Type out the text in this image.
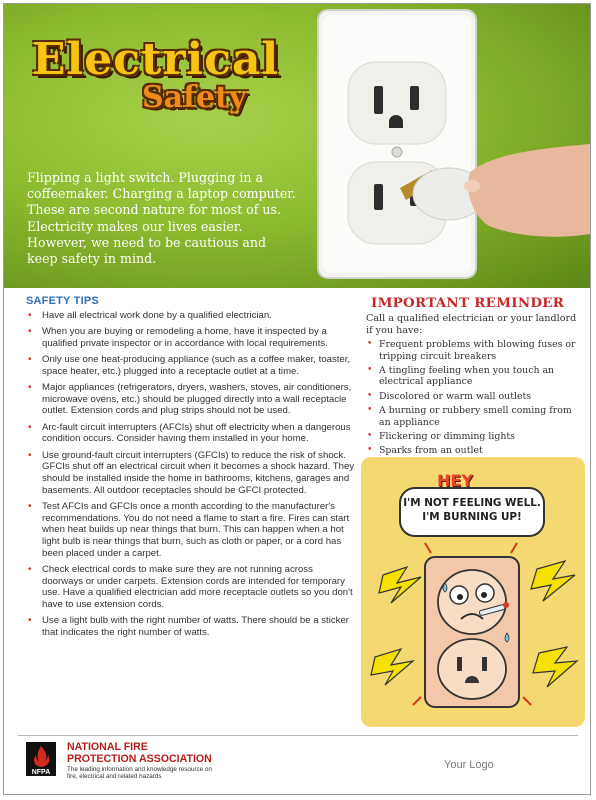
Electrical
Safety

Flipping a light switch. Plugging in a coffeemaker. Charging a laptop computer. These are second nature for most of us. Electricity makes our lives easier. However, we need to be cautious and keep safety in mind.

SAFETY TIPS
• Have all electrical work done by a qualified electrician.
• When you are buying or remodeling a home, have it inspected by a qualified private inspector or in accordance with local requirements.
• Only use one heat-producing appliance (such as a coffee maker, toaster, space heater, etc.) plugged into a receptacle outlet at a time.
• Major appliances (refrigerators, dryers, washers, stoves, air conditioners, microwave ovens, etc.) should be plugged directly into a wall receptacle outlet. Extension cords and plug strips should not be used.
• Arc-fault circuit interrupters (AFCIs) shut off electricity when a dangerous condition occurs. Consider having them installed in your home.
• Use ground-fault circuit interrupters (GFCIs) to reduce the risk of shock. GFCIs shut off an electrical circuit when it becomes a shock hazard. They should be installed inside the home in bathrooms, kitchens, garages and basements. All outdoor receptacles should be GFCI protected.
• Test AFCIs and GFCIs once a month according to the manufacturer's recommendations. You do not need a flame to start a fire. Fires can start when heat builds up near things that burn. This can happen when a hot light bulb is near things that burn, such as cloth or paper, or a cord has been placed under a carpet.
• Check electrical cords to make sure they are not running across doorways or under carpets. Extension cords are intended for temporary use. Have a qualified electrician add more receptacle outlets so you don't have to use extension cords.
• Use a light bulb with the right number of watts. There should be a sticker that indicates the right number of watts.
IMPORTANT REMINDER

Call a qualified electrician or your landlord if you have:

• Frequent problems with blowing fuses or tripping circuit breakers
• A tingling feeling when you touch an electrical appliance
• Discolored or warm wall outlets
• A burning or rubbery smell coming from an appliance
• Flickering or dimming lights
• Sparks from an outlet

I'M NOT FEELING WELL.
I'M BURNING UP!

HEY
NFPA

NATIONAL FIRE
PROTECTION ASSOCIATION

The leading information and knowledge resource on fire, electrical and related hazards

Your Logo
